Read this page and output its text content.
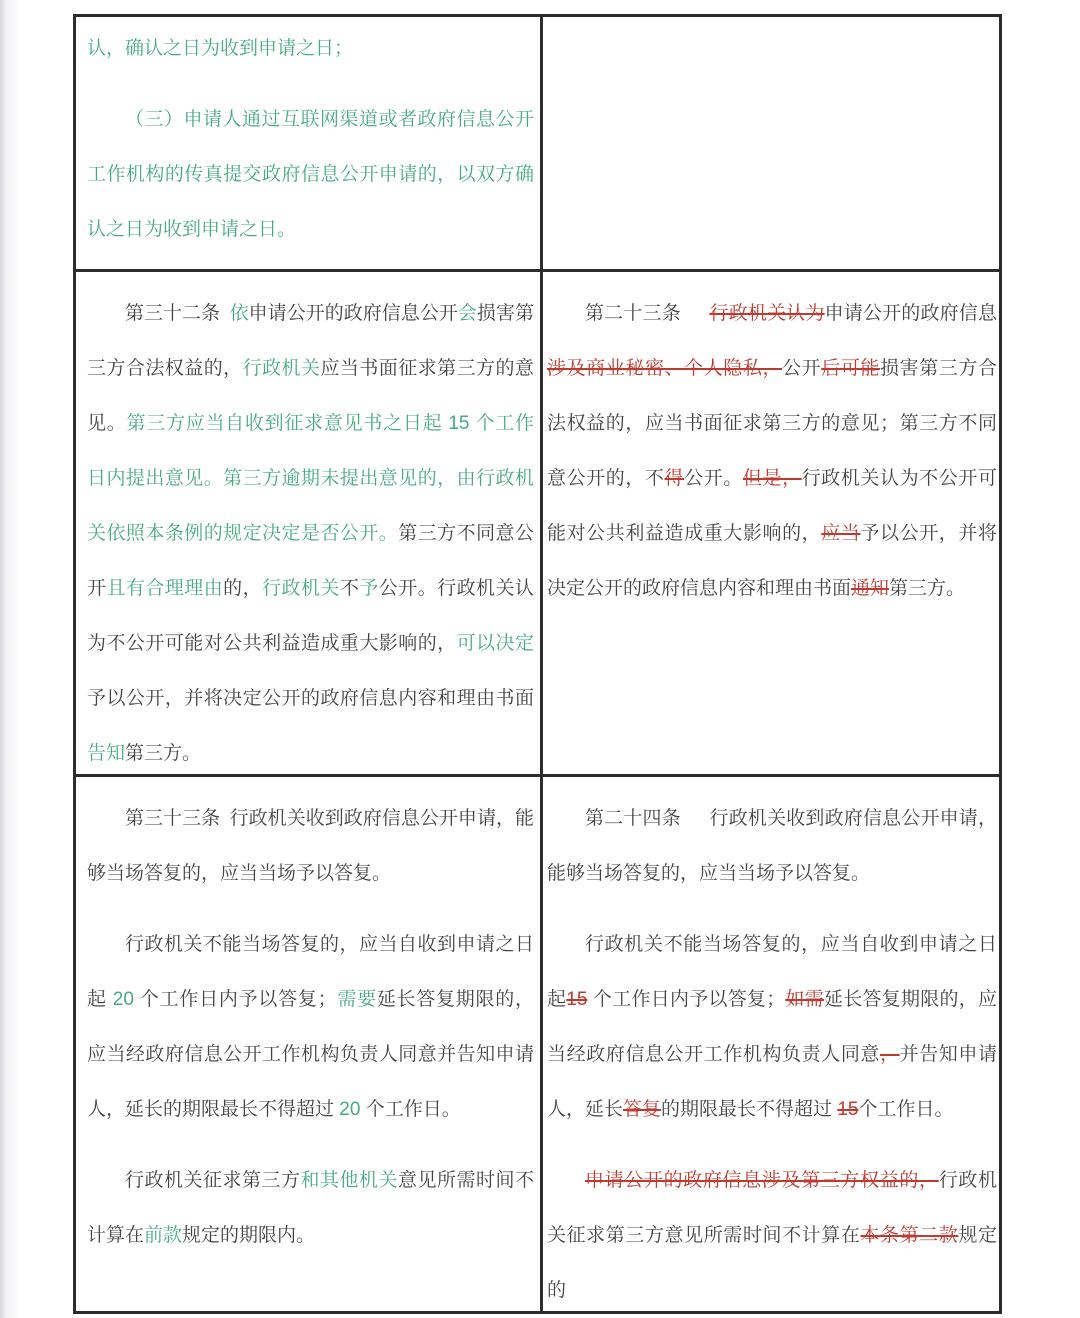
认，确认之日为收到申请之日；

（三）申请人通过互联网渠道或者政府信息公开工作机构的传真提交政府信息公开申请的，以双方确认之日为收到申请之日。

第三十二条 依申请公开的政府信息公开会损害第三方合法权益的，行政机关应当书面征求第三方的意见。第三方应当自收到征求意见书之日起 15 个工作日内提出意见。第三方逾期未提出意见的，由行政机关依照本条例的规定决定是否公开。第三方不同意公开且有合理理由的，行政机关不予公开。行政机关认为不公开可能对公共利益造成重大影响的，可以决定予以公开，并将决定公开的政府信息内容和理由书面告知第三方。

第二十三条  行政机关认为申请公开的政府信息涉及商业秘密、个人隐私，公开后可能损害第三方合法权益的，应当书面征求第三方的意见；第三方不同意公开的，不得公开。但是，行政机关认为不公开可能对公共利益造成重大影响的，应当予以公开，并将决定公开的政府信息内容和理由书面通知第三方。

第三十三条 行政机关收到政府信息公开申请，能够当场答复的，应当当场予以答复。

行政机关不能当场答复的，应当自收到申请之日起 20 个工作日内予以答复；需要延长答复期限的，应当经政府信息公开工作机构负责人同意并告知申请人，延长的期限最长不得超过 20 个工作日。

行政机关征求第三方和其他机关意见所需时间不计算在前款规定的期限内。

第二十四条  行政机关收到政府信息公开申请，能够当场答复的，应当当场予以答复。

行政机关不能当场答复的，应当自收到申请之日起15 个工作日内予以答复；如需延长答复期限的，应当经政府信息公开工作机构负责人同意，并告知申请人，延长答复的期限最长不得超过 15个工作日。

申请公开的政府信息涉及第三方权益的，行政机关征求第三方意见所需时间不计算在本条第二款规定的
